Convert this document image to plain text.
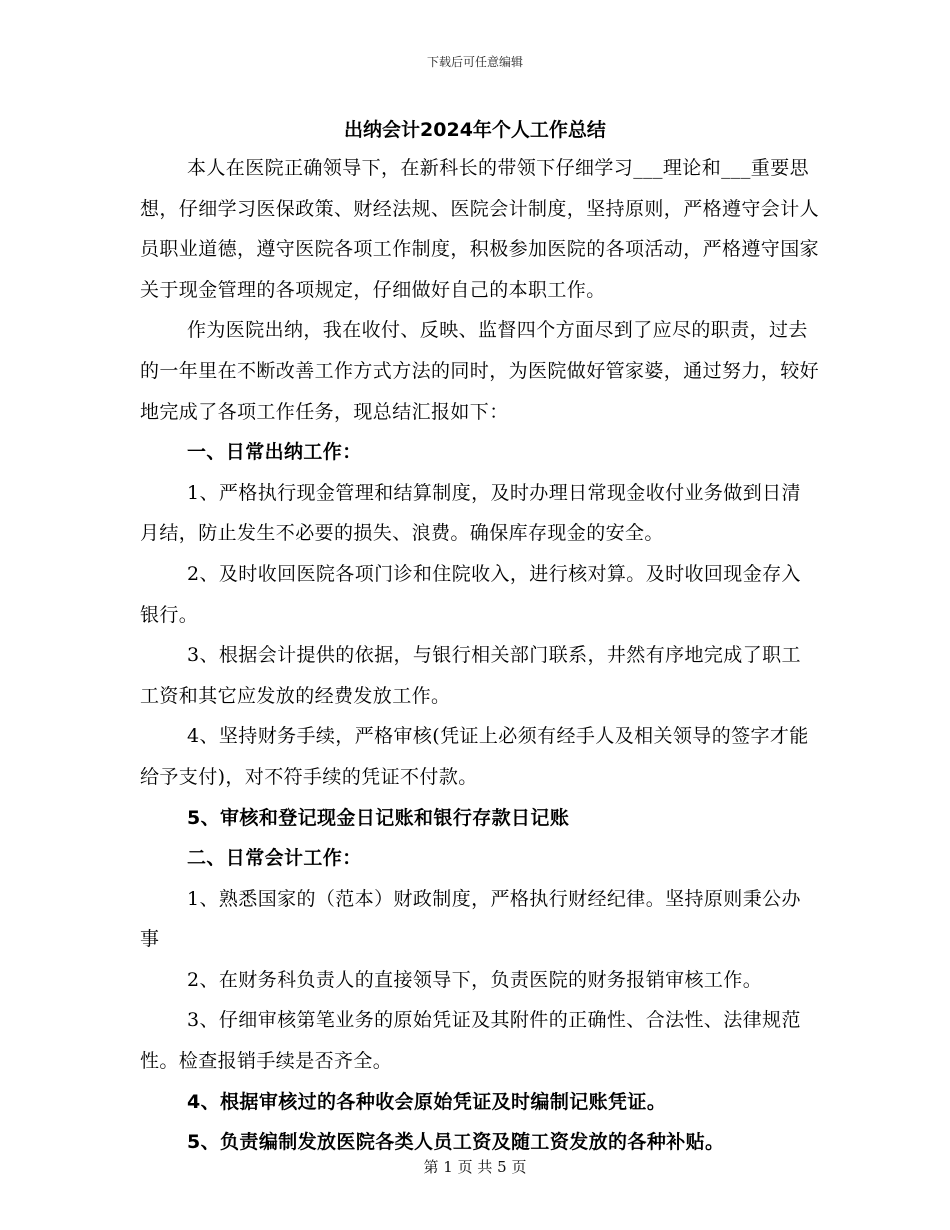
下载后可任意编辑
出纳会计2024年个人工作总结

本人在医院正确领导下，在新科长的带领下仔细学习___理论和___重要思想，仔细学习医保政策、财经法规、医院会计制度，坚持原则，严格遵守会计人员职业道德，遵守医院各项工作制度，积极参加医院的各项活动，严格遵守国家关于现金管理的各项规定，仔细做好自己的本职工作。

作为医院出纳，我在收付、反映、监督四个方面尽到了应尽的职责，过去的一年里在不断改善工作方式方法的同时，为医院做好管家婆，通过努力，较好地完成了各项工作任务，现总结汇报如下：

一、日常出纳工作：

1、严格执行现金管理和结算制度，及时办理日常现金收付业务做到日清月结，防止发生不必要的损失、浪费。确保库存现金的安全。

2、及时收回医院各项门诊和住院收入，进行核对算。及时收回现金存入银行。

3、根据会计提供的依据，与银行相关部门联系，井然有序地完成了职工工资和其它应发放的经费发放工作。

4、坚持财务手续，严格审核(凭证上必须有经手人及相关领导的签字才能给予支付)，对不符手续的凭证不付款。

5、审核和登记现金日记账和银行存款日记账

二、日常会计工作：

1、熟悉国家的（范本）财政制度，严格执行财经纪律。坚持原则秉公办事

2、在财务科负责人的直接领导下，负责医院的财务报销审核工作。

3、仔细审核第笔业务的原始凭证及其附件的正确性、合法性、法律规范性。检查报销手续是否齐全。

4、根据审核过的各种收会原始凭证及时编制记账凭证。

5、负责编制发放医院各类人员工资及随工资发放的各种补贴。

第 1 页 共 5 页
